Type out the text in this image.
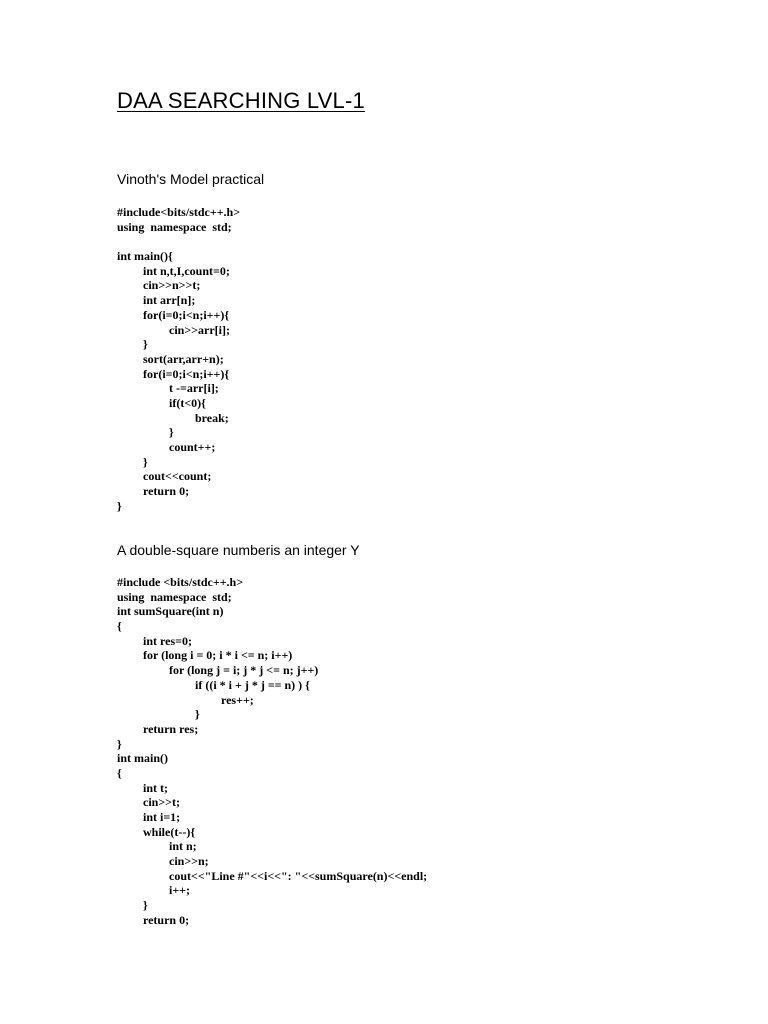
DAA SEARCHING LVL-1
Vinoth's Model practical
#include<bits/stdc++.h>
using  namespace  std;
int main(){
int n,t,I,count=0;
cin>>n>>t;
int arr[n];
for(i=0;i<n;i++){
cin>>arr[i];
}
sort(arr,arr+n);
for(i=0;i<n;i++){
t -=arr[i];
if(t<0){
break;
}
count++;
}
cout<<count;
return 0;
}
A double-square numberis an integer Y
#include <bits/stdc++.h>
using  namespace  std;
int sumSquare(int n)
{
int res=0;
for (long i = 0; i * i <= n; i++)
for (long j = i; j * j <= n; j++)
if ((i * i + j * j == n) ) {
res++;
}
return res;
}
int main()
{
int t;
cin>>t;
int i=1;
while(t--){
int n;
cin>>n;
cout<<"Line #"<<i<<": "<<sumSquare(n)<<endl;
i++;
}
return 0;
